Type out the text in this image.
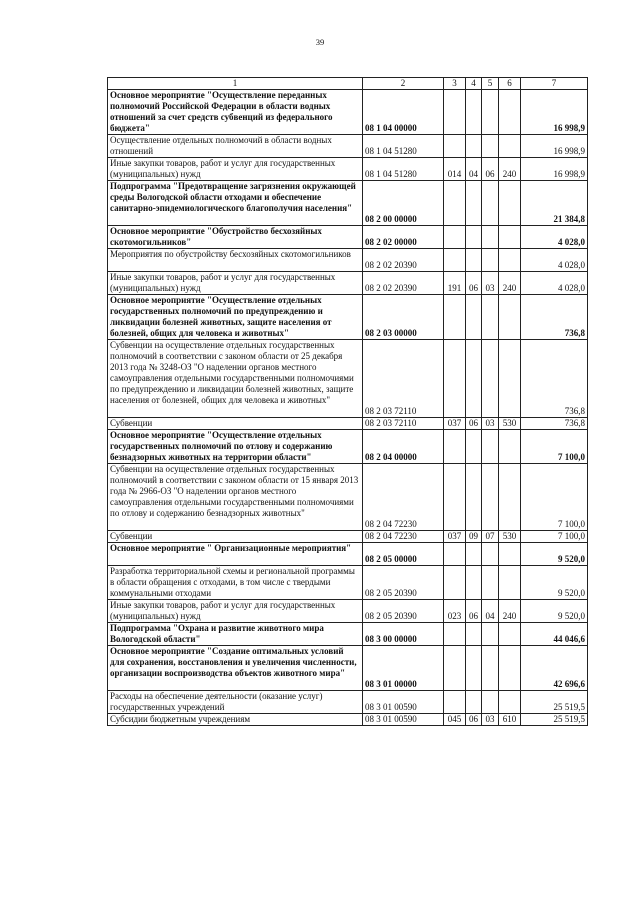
39
1	2	3	4	5	6	7
Основное мероприятие "Осуществление переданных полномочий Российской Федерации в области водных отношений за счет средств субвенций из федерального бюджета"	08 1 04 00000					16 998,9
Осуществление отдельных полномочий в области водных отношений	08 1 04 51280					16 998,9
Иные закупки товаров, работ и услуг для государственных (муниципальных) нужд	08 1 04 51280	014	04	06	240	16 998,9
Подпрограмма "Предотвращение загрязнения окружающей среды Вологодской области отходами и обеспечение санитарно-эпидемиологического благополучия населения"	08 2 00 00000					21 384,8
Основное мероприятие "Обустройство бесхозяйных скотомогильников"	08 2 02 00000					4 028,0
Мероприятия по обустройству бесхозяйных скотомогильников	08 2 02 20390					4 028,0
Иные закупки товаров, работ и услуг для государственных (муниципальных) нужд	08 2 02 20390	191	06	03	240	4 028,0
Основное мероприятие "Осуществление отдельных государственных полномочий по предупреждению и ликвидации болезней животных, защите населения от болезней, общих для человека и животных"	08 2 03 00000					736,8
Субвенции на осуществление отдельных государственных полномочий в соответствии с законом области от 25 декабря 2013 года № 3248-ОЗ "О наделении органов местного самоуправления отдельными государственными полномочиями по предупреждению и ликвидации болезней животных, защите населения от болезней, общих для человека и животных"	08 2 03 72110					736,8
Субвенции	08 2 03 72110	037	06	03	530	736,8
Основное мероприятие "Осуществление отдельных государственных полномочий по отлову и содержанию безнадзорных животных на территории области"	08 2 04 00000					7 100,0
Субвенции на осуществление отдельных государственных полномочий в соответствии с законом области от 15 января 2013 года № 2966-ОЗ "О наделении органов местного самоуправления отдельными государственными полномочиями по отлову и содержанию безнадзорных животных"	08 2 04 72230					7 100,0
Субвенции	08 2 04 72230	037	09	07	530	7 100,0
Основное мероприятие " Организационные мероприятия"	08 2 05 00000					9 520,0
Разработка территориальной схемы и региональной программы в области обращения с отходами, в том числе с твердыми коммунальными отходами	08 2 05 20390					9 520,0
Иные закупки товаров, работ и услуг для государственных (муниципальных) нужд	08 2 05 20390	023	06	04	240	9 520,0
Подпрограмма "Охрана и развитие животного мира Вологодской области"	08 3 00 00000					44 046,6
Основное мероприятие "Создание оптимальных условий для сохранения, восстановления и увеличения численности, организации воспроизводства объектов животного мира"	08 3 01 00000					42 696,6
Расходы на обеспечение деятельности (оказание услуг) государственных учреждений	08 3 01 00590					25 519,5
Субсидии бюджетным учреждениям	08 3 01 00590	045	06	03	610	25 519,5
